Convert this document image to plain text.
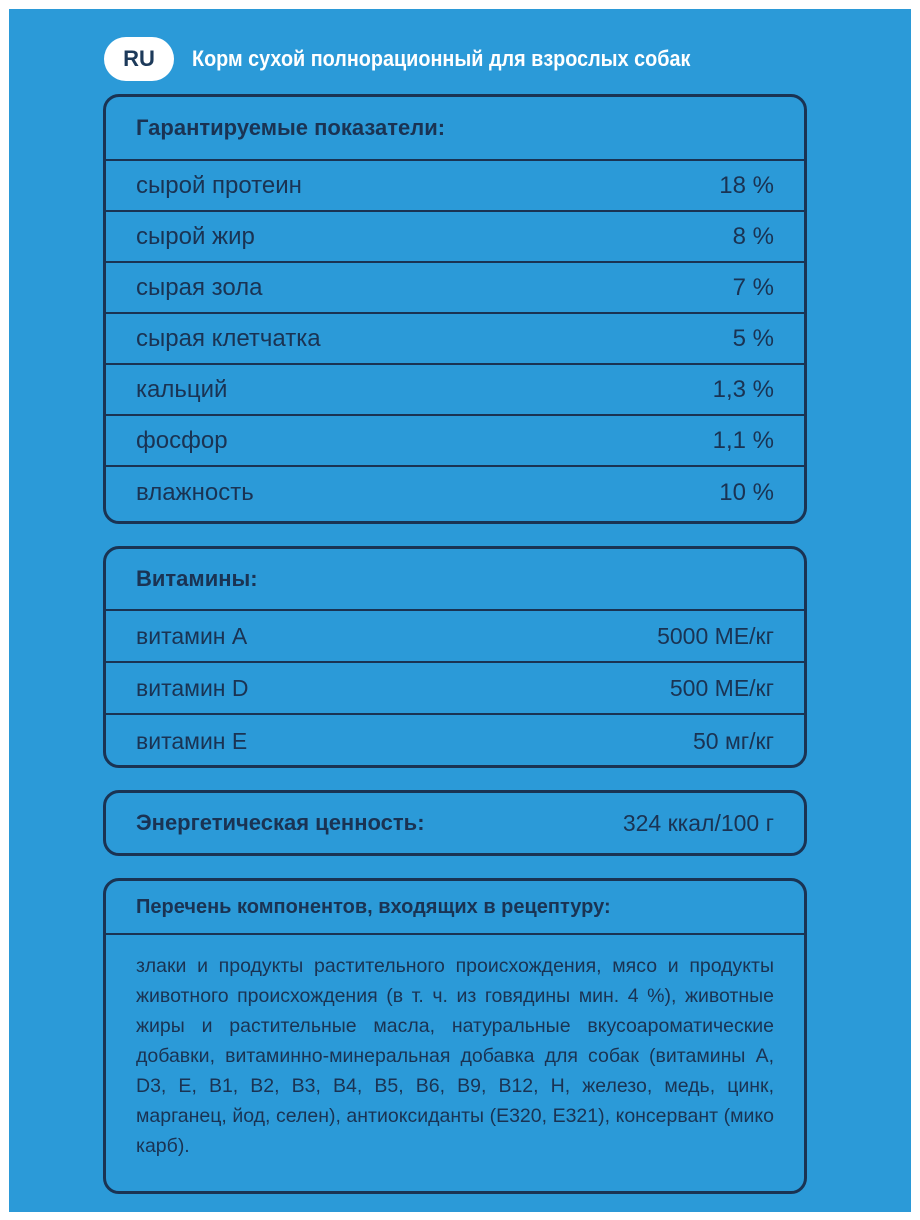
RU	Корм сухой полнорационный для взрослых собак
Гарантируемые показатели:
сырой протеин	18 %
сырой жир	8 %
сырая зола	7 %
сырая клетчатка	5 %
кальций	1,3 %
фосфор	1,1 %
влажность	10 %
Витамины:
витамин А	5000 МЕ/кг
витамин D	500 МЕ/кг
витамин Е	50 мг/кг
Энергетическая ценность:	324 ккал/100 г
Перечень компонентов, входящих в рецептуру:
злаки и продукты растительного происхождения, мясо и продукты животного происхождения (в т. ч. из говядины мин. 4 %), животные жиры и растительные масла, натуральные вкусоароматические добавки, витаминно-минеральная добавка для собак (витамины А, D3, Е, В1, В2, В3, В4, В5, В6, В9, В12, Н, железо, медь, цинк, марганец, йод, селен), антиоксиданты (Е320, Е321), консервант (мико карб).
